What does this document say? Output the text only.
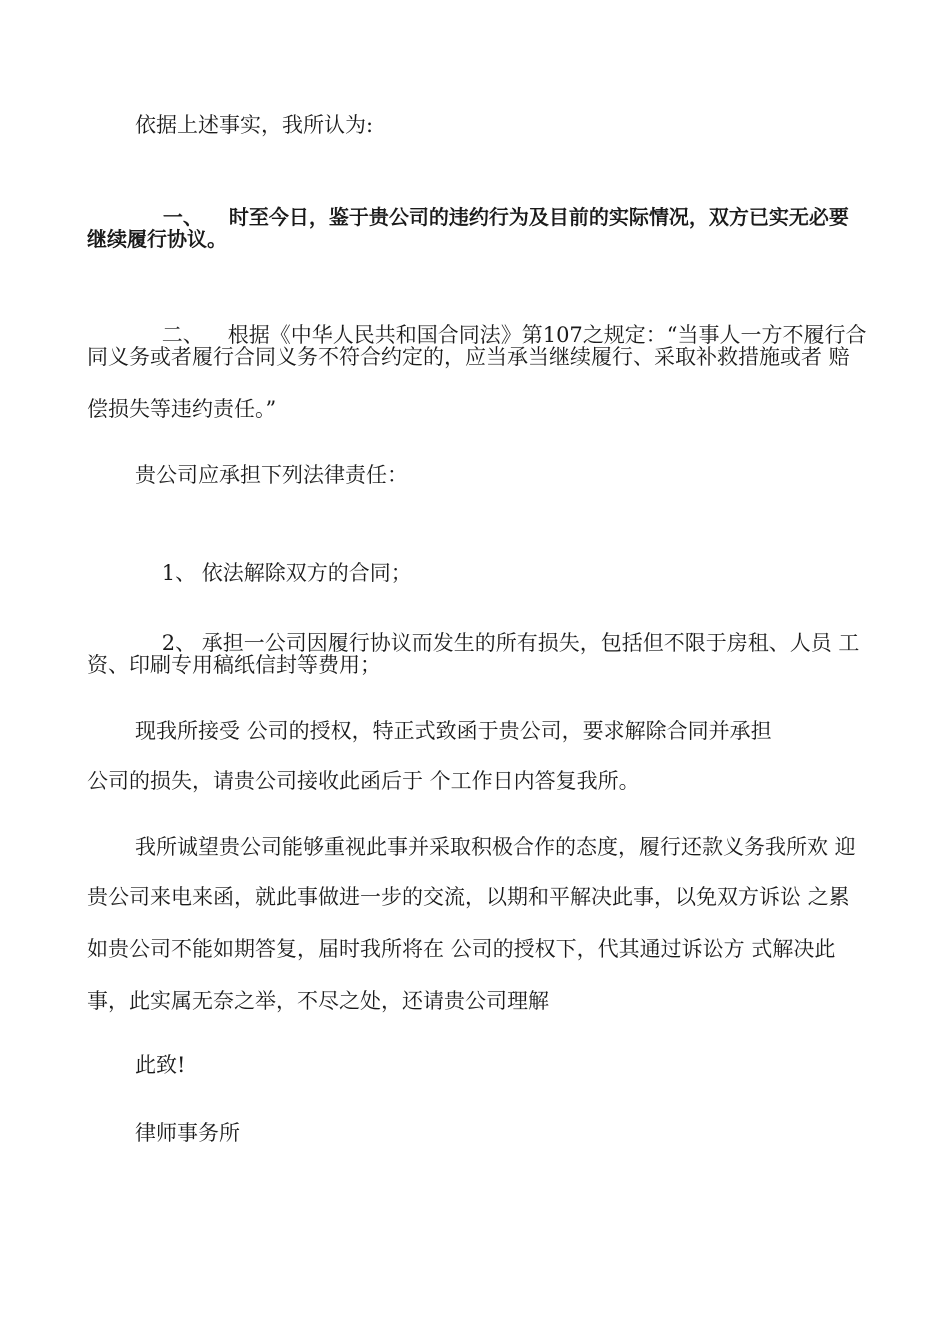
依据上述事实，我所认为:

一、 时至今日，鉴于贵公司的违约行为及目前的实际情况，双方已实无必要

继续履行协议。

二、 根据《中华人民共和国合同法》第107之规定：“当事人一方不履行合

同义务或者履行合同义务不符合约定的，应当承当继续履行、采取补救措施或者 赔
偿损失等违约责任。”
贵公司应承担下列法律责任：

1、 依法解除双方的合同；

2、 承担一公司因履行协议而发生的所有损失，包括但不限于房租、人员 工

资、印刷专用稿纸信封等费用；
现我所接受 公司的授权，特正式致函于贵公司，要求解除合同并承担
公司的损失，请贵公司接收此函后于 个工作日内答复我所。
我所诚望贵公司能够重视此事并采取积极合作的态度，履行还款义务我所欢 迎
贵公司来电来函，就此事做进一步的交流，以期和平解决此事，以免双方诉讼 之累
如贵公司不能如期答复，届时我所将在 公司的授权下，代其通过诉讼方 式解决此
事，此实属无奈之举，不尽之处，还请贵公司理解
此致!
律师事务所
